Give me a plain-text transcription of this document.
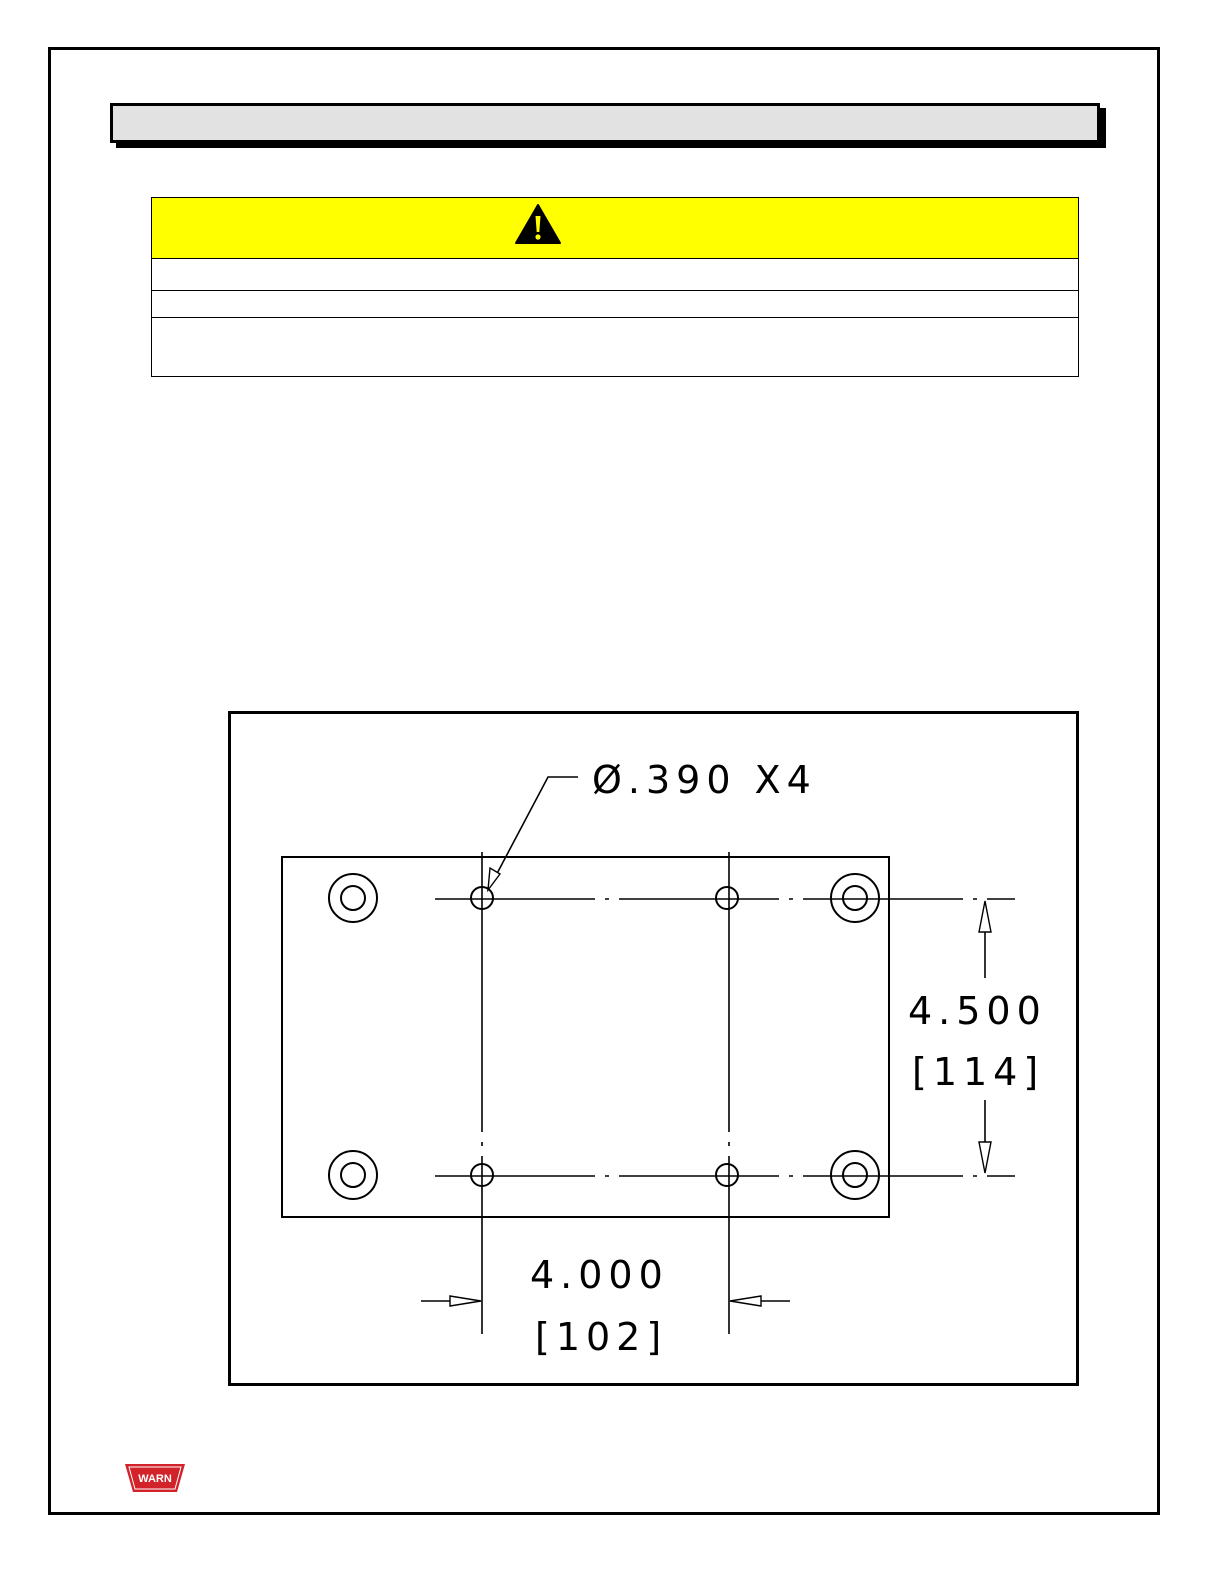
Ø.390 X4
4.500
[114]
4.000
[102]
WARN
